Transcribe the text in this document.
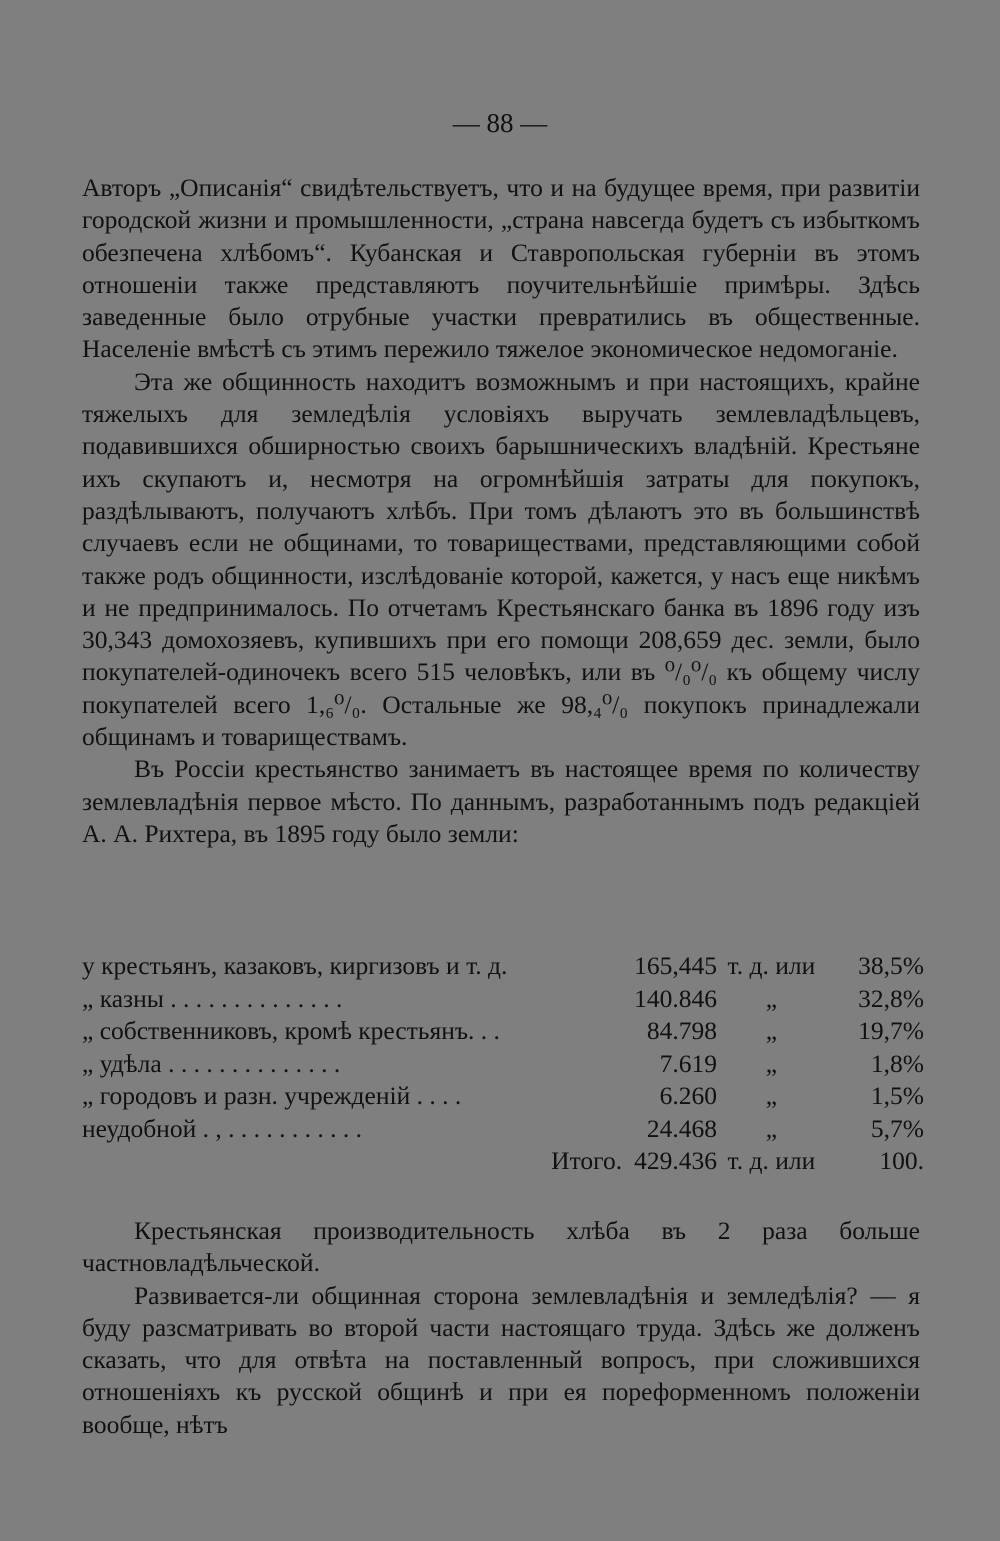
— 88 —

Авторъ „Описанія“ свидѣтельствуетъ, что и на будущее время, при развитіи городской жизни и промышленности, „страна навсегда будетъ съ избыткомъ обезпечена хлѣбомъ“. Кубанская и Ставропольская губерніи въ этомъ отношеніи также представляютъ поучительнѣйшіе примѣры. Здѣсь заведенные было отрубные участки превратились въ общественные. Населеніе вмѣстѣ съ этимъ пережило тяжелое экономическое недомоганіе.

Эта же общинность находитъ возможнымъ и при настоящихъ, крайне тяжелыхъ для земледѣлія условіяхъ выручать землевладѣльцевъ, подавившихся обширностью своихъ барышническихъ владѣній. Крестьяне ихъ скупаютъ и, несмотря на огромнѣйшія затраты для покупокъ, раздѣлываютъ, получаютъ хлѣбъ. При томъ дѣлаютъ это въ большинствѣ случаевъ если не общинами, то товариществами, представляющими собой также родъ общинности, изслѣдованіе которой, кажется, у насъ еще никѣмъ и не предпринималось. По отчетамъ Крестьянскаго банка въ 1896 году изъ 30,343 домохозяевъ, купившихъ при его помощи 208,659 дес. земли, было покупателей-одиночекъ всего 515 человѣкъ, или въ ⁰/₀⁰/₀ къ общему числу покупателей всего 1,₆⁰/₀. Остальные же 98,₄⁰/₀ покупокъ принадлежали общинамъ и товариществамъ.

Въ Россіи крестьянство занимаетъ въ настоящее время по количеству землевладѣнія первое мѣсто. По даннымъ, разработаннымъ подъ редакціей А. А. Рихтера, въ 1895 году было земли:

у крестьянъ, казаковъ, киргизовъ и т. д.	165,445	т. д. или	38,5%
„ казны . . . . . . . . . . . . . .	140.846	„	32,8%
„ собственниковъ, кромѣ крестьянъ. . .	84.798	„	19,7%
„ удѣла . . . . . . . . . . . . . .	7.619	„	1,8%
„ городовъ и разн. учрежденій . . . .	6.260	„	1,5%
неудобной . , . . . . . . . . . . .	24.468	„	5,7%
Итого.	429.436	т. д. или	100.

Крестьянская производительность хлѣба въ 2 раза больше частновладѣльческой.

Развивается-ли общинная сторона землевладѣнія и земледѣлія? — я буду разсматривать во второй части настоящаго труда. Здѣсь же долженъ сказать, что для отвѣта на поставленный вопросъ, при сложившихся отношеніяхъ къ русской общинѣ и при ея пореформенномъ положеніи вообще, нѣтъ
